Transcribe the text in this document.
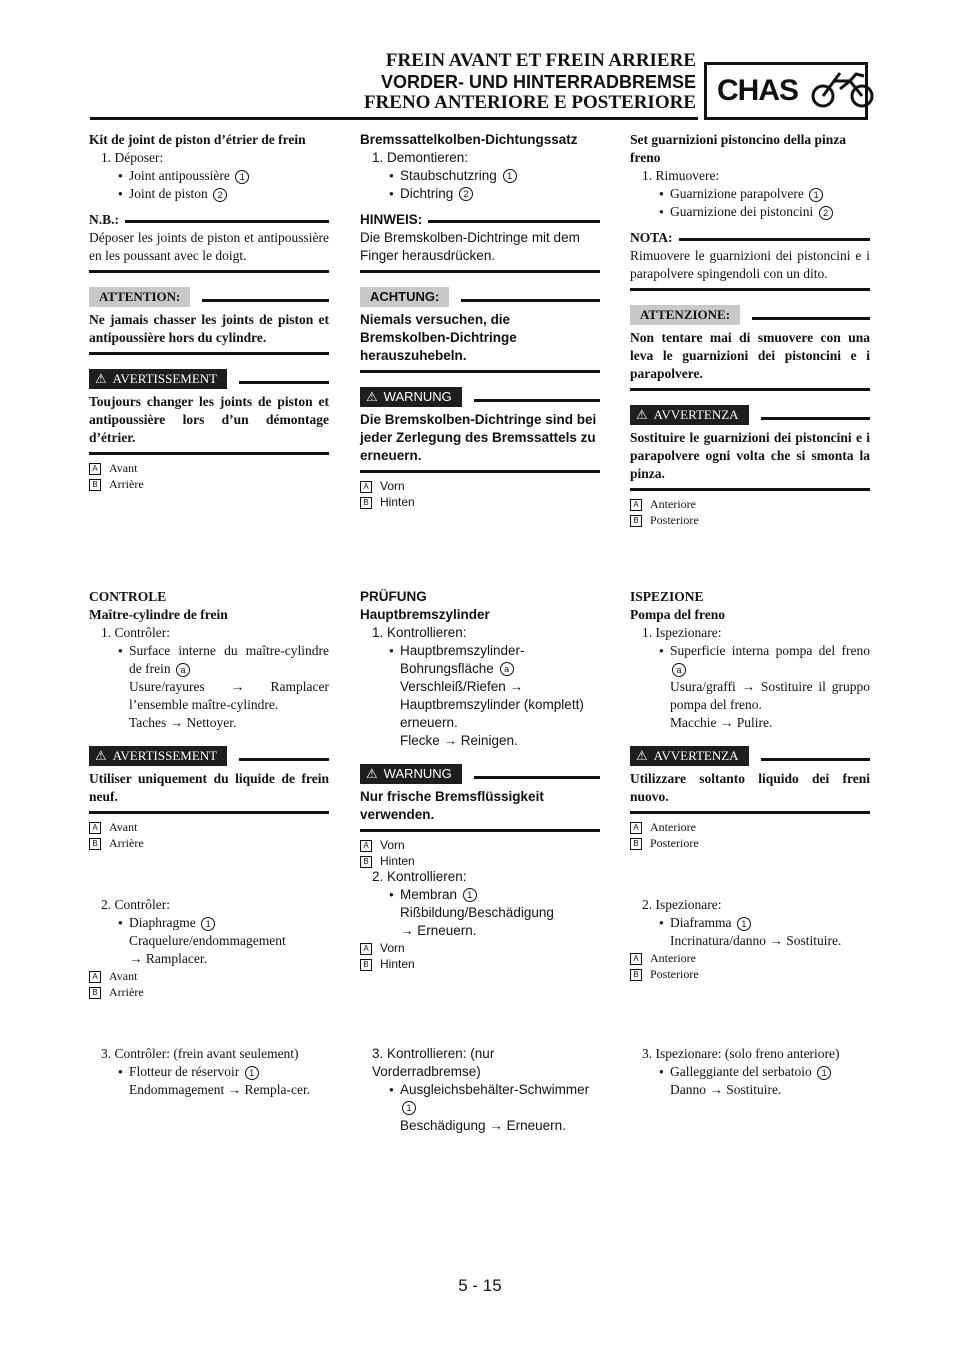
FREIN AVANT ET FREIN ARRIERE
VORDER- UND HINTERRADBREMSE
FRENO ANTERIORE E POSTERIORE CHAS
Kit de joint de piston d’étrier de frein
1. Déposer:
● Joint antipoussière 1
● Joint de piston 2
N.B.:
Déposer les joints de piston et antipoussière en les poussant avec le doigt.
ATTENTION:
Ne jamais chasser les joints de piston et antipoussière hors du cylindre.
⚠ AVERTISSEMENT
Toujours changer les joints de piston et antipoussière lors d’un démontage d’étrier.
A Avant
B Arrière
CONTROLE
Maître-cylindre de frein
1. Contrôler:
● Surface interne du maître-cylindre de frein a
Usure/rayures → Ramplacer l’ensemble maître-cylindre.
Taches → Nettoyer.
⚠ AVERTISSEMENT
Utiliser uniquement du liquide de frein neuf.
A Avant
B Arrière
2. Contrôler:
● Diaphragme 1
Craquelure/endommagement
→ Ramplacer.
A Avant
B Arrière
3. Contrôler: (frein avant seulement)
● Flotteur de réservoir 1
Endommagement → Rempla-cer.
Bremssattelkolben-Dichtungssatz
1. Demontieren:
● Staubschutzring 1
● Dichtring 2
HINWEIS:
Die Bremskolben-Dichtringe mit dem Finger herausdrücken.
ACHTUNG:
Niemals versuchen, die Bremskolben-Dichtringe herauszuhebeln.
⚠ WARNUNG
Die Bremskolben-Dichtringe sind bei jeder Zerlegung des Bremssattels zu erneuern.
A Vorn
B Hinten
PRÜFUNG
Hauptbremszylinder
1. Kontrollieren:
● Hauptbremszylinder-Bohrungsfläche a
Verschleiß/Riefen → Hauptbremszylinder (komplett) erneuern.
Flecke → Reinigen.
⚠ WARNUNG
Nur frische Bremsflüssigkeit verwenden.
A Vorn
B Hinten
2. Kontrollieren:
● Membran 1
Rißbildung/Beschädigung
→ Erneuern.
A Vorn
B Hinten
3. Kontrollieren: (nur Vorderradbremse)
● Ausgleichsbehälter-Schwimmer 1
Beschädigung → Erneuern.
Set guarnizioni pistoncino della pinza freno
1. Rimuovere:
● Guarnizione parapolvere 1
● Guarnizione dei pistoncini 2
NOTA:
Rimuovere le guarnizioni dei pistoncini e i parapolvere spingendoli con un dito.
ATTENZIONE:
Non tentare mai di smuovere con una leva le guarnizioni dei pistoncini e i parapolvere.
⚠ AVVERTENZA
Sostituire le guarnizioni dei pistoncini e i parapolvere ogni volta che si smonta la pinza.
A Anteriore
B Posteriore
ISPEZIONE
Pompa del freno
1. Ispezionare:
● Superficie interna pompa del freno a
Usura/graffi → Sostituire il gruppo pompa del freno.
Macchie → Pulire.
⚠ AVVERTENZA
Utilizzare soltanto liquido dei freni nuovo.
A Anteriore
B Posteriore
2. Ispezionare:
● Diaframma 1
Incrinatura/danno → Sostituire.
A Anteriore
B Posteriore
3. Ispezionare: (solo freno anteriore)
● Galleggiante del serbatoio 1
Danno → Sostituire.
5 - 15
